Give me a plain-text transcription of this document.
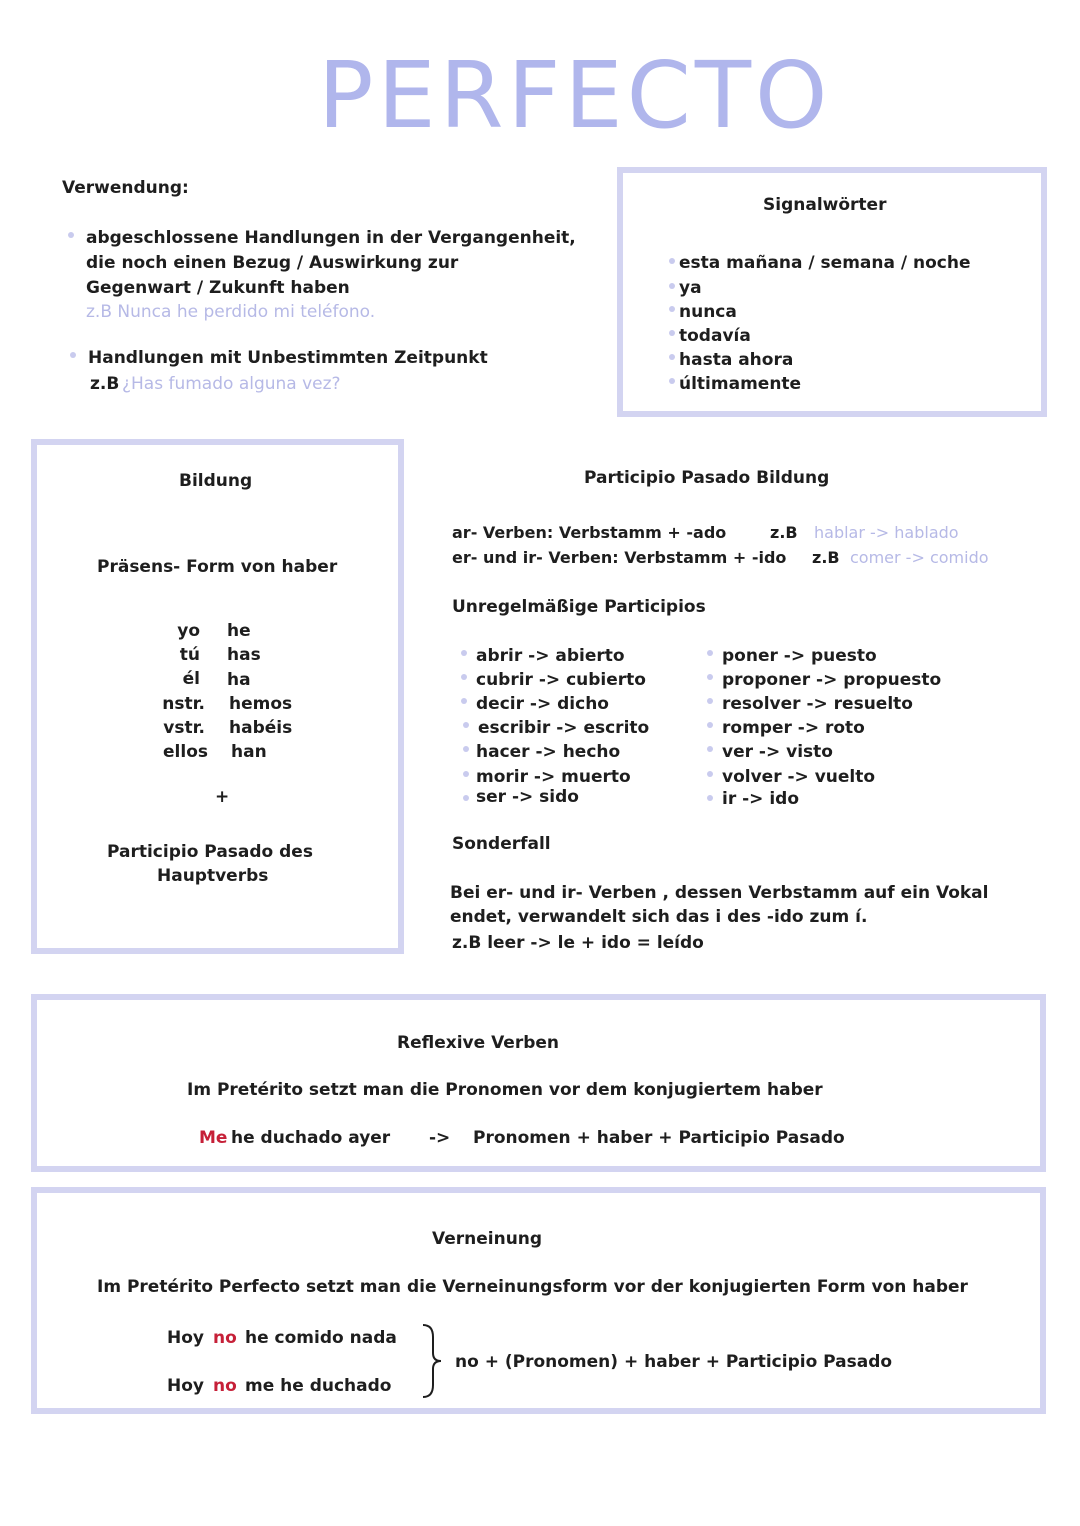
PERFECTO
Verwendung:
abgeschlossene Handlungen in der Vergangenheit,
die noch einen Bezug / Auswirkung zur
Gegenwart / Zukunft haben
z.B Nunca he perdido mi teléfono.
Handlungen mit Unbestimmten Zeitpunkt
z.B ¿Has fumado alguna vez?
Signalwörter
esta mañana / semana / noche
ya
nunca
todavía
hasta ahora
últimamente
Bildung
Präsens- Form von haber
yo he
tú has
él ha
nstr. hemos
vstr. habéis
ellos han
+
Participio Pasado des
Hauptverbs
Participio Pasado Bildung
ar- Verben: Verbstamm + -ado	z.B hablar -> hablado
er- und ir- Verben: Verbstamm + -ido z.B comer -> comido
Unregelmäßige Participios
abrir -> abierto
cubrir -> cubierto
decir -> dicho
escribir -> escrito
hacer -> hecho
morir -> muerto
ser -> sido
poner -> puesto
proponer -> propuesto
resolver -> resuelto
romper -> roto
ver -> visto
volver -> vuelto
ir -> ido
Sonderfall
Bei er- und ir- Verben , dessen Verbstamm auf ein Vokal
endet, verwandelt sich das i des -ido zum í.
z.B leer -> le + ido = leído
Reflexive Verben
Im Pretérito setzt man die Pronomen vor dem konjugiertem haber
Me he duchado ayer -> Pronomen + haber + Participio Pasado
Verneinung
Im Pretérito Perfecto setzt man die Verneinungsform vor der konjugierten Form von haber
Hoy no he comido nada
Hoy no me he duchado
no + (Pronomen) + haber + Participio Pasado
